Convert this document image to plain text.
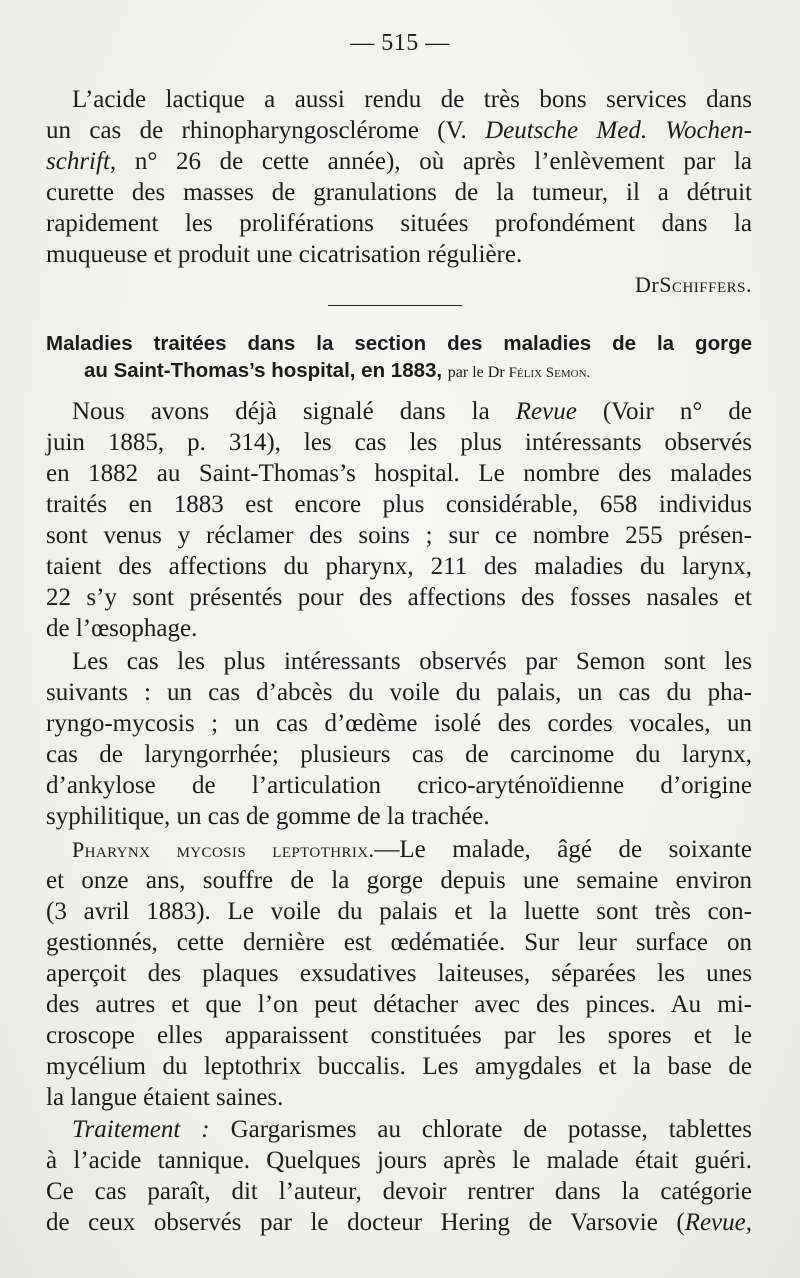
— 515 —
L’acide lactique a aussi rendu de très bons services dans
un cas de rhinopharyngosclérome (V. Deutsche Med. Wochen-
schrift, n° 26 de cette année), où après l’enlèvement par la
curette des masses de granulations de la tumeur, il a détruit
rapidement les proliférations situées profondément dans la
muqueuse et produit une cicatrisation régulière.
DrSchiffers.
Maladies traitées dans la section des maladies de la gorge
au Saint-Thomas’s hospital, en 1883, par le Dr Félix Semon.
Nous avons déjà signalé dans la Revue (Voir n° de
juin 1885, p. 314), les cas les plus intéressants observés
en 1882 au Saint-Thomas’s hospital. Le nombre des malades
traités en 1883 est encore plus considérable, 658 individus
sont venus y réclamer des soins ; sur ce nombre 255 présen-
taient des affections du pharynx, 211 des maladies du larynx,
22 s’y sont présentés pour des affections des fosses nasales et
de l’œsophage.
Les cas les plus intéressants observés par Semon sont les
suivants : un cas d’abcès du voile du palais, un cas du pha-
ryngo-mycosis ; un cas d’œdème isolé des cordes vocales, un
cas de laryngorrhée; plusieurs cas de carcinome du larynx,
d’ankylose de l’articulation crico-aryténoïdienne d’origine
syphilitique, un cas de gomme de la trachée.
Pharynx mycosis leptothrix.—Le malade, âgé de soixante
et onze ans, souffre de la gorge depuis une semaine environ
(3 avril 1883). Le voile du palais et la luette sont très con-
gestionnés, cette dernière est œdématiée. Sur leur surface on
aperçoit des plaques exsudatives laiteuses, séparées les unes
des autres et que l’on peut détacher avec des pinces. Au mi-
croscope elles apparaissent constituées par les spores et le
mycélium du leptothrix buccalis. Les amygdales et la base de
la langue étaient saines.
Traitement : Gargarismes au chlorate de potasse, tablettes
à l’acide tannique. Quelques jours après le malade était guéri.
Ce cas paraît, dit l’auteur, devoir rentrer dans la catégorie
de ceux observés par le docteur Hering de Varsovie (Revue,
